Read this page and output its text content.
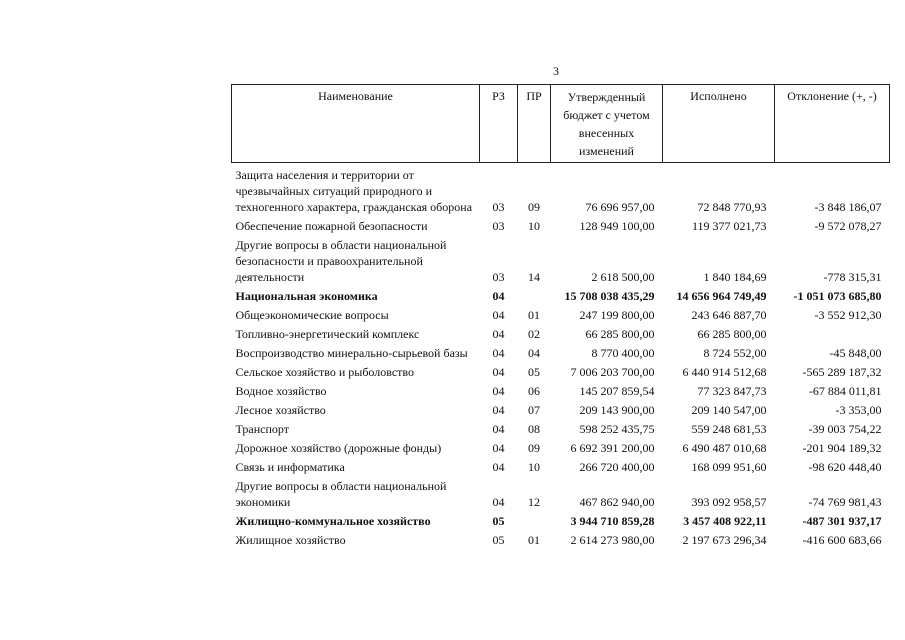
3
Наименование	РЗ	ПР	Утвержденный бюджет с учетом внесенных изменений	Исполнено	Отклонение (+, -)
Защита населения и территории от чрезвычайных ситуаций природного и техногенного характера, гражданская оборона	03	09	76 696 957,00	72 848 770,93	-3 848 186,07
Обеспечение пожарной безопасности	03	10	128 949 100,00	119 377 021,73	-9 572 078,27
Другие вопросы в области национальной безопасности и правоохранительной деятельности	03	14	2 618 500,00	1 840 184,69	-778 315,31
Национальная экономика	04		15 708 038 435,29	14 656 964 749,49	-1 051 073 685,80
Общеэкономические вопросы	04	01	247 199 800,00	243 646 887,70	-3 552 912,30
Топливно-энергетический комплекс	04	02	66 285 800,00	66 285 800,00	
Воспроизводство минерально-сырьевой базы	04	04	8 770 400,00	8 724 552,00	-45 848,00
Сельское хозяйство и рыболовство	04	05	7 006 203 700,00	6 440 914 512,68	-565 289 187,32
Водное хозяйство	04	06	145 207 859,54	77 323 847,73	-67 884 011,81
Лесное хозяйство	04	07	209 143 900,00	209 140 547,00	-3 353,00
Транспорт	04	08	598 252 435,75	559 248 681,53	-39 003 754,22
Дорожное хозяйство (дорожные фонды)	04	09	6 692 391 200,00	6 490 487 010,68	-201 904 189,32
Связь и информатика	04	10	266 720 400,00	168 099 951,60	-98 620 448,40
Другие вопросы в области национальной экономики	04	12	467 862 940,00	393 092 958,57	-74 769 981,43
Жилищно-коммунальное хозяйство	05		3 944 710 859,28	3 457 408 922,11	-487 301 937,17
Жилищное хозяйство	05	01	2 614 273 980,00	2 197 673 296,34	-416 600 683,66
